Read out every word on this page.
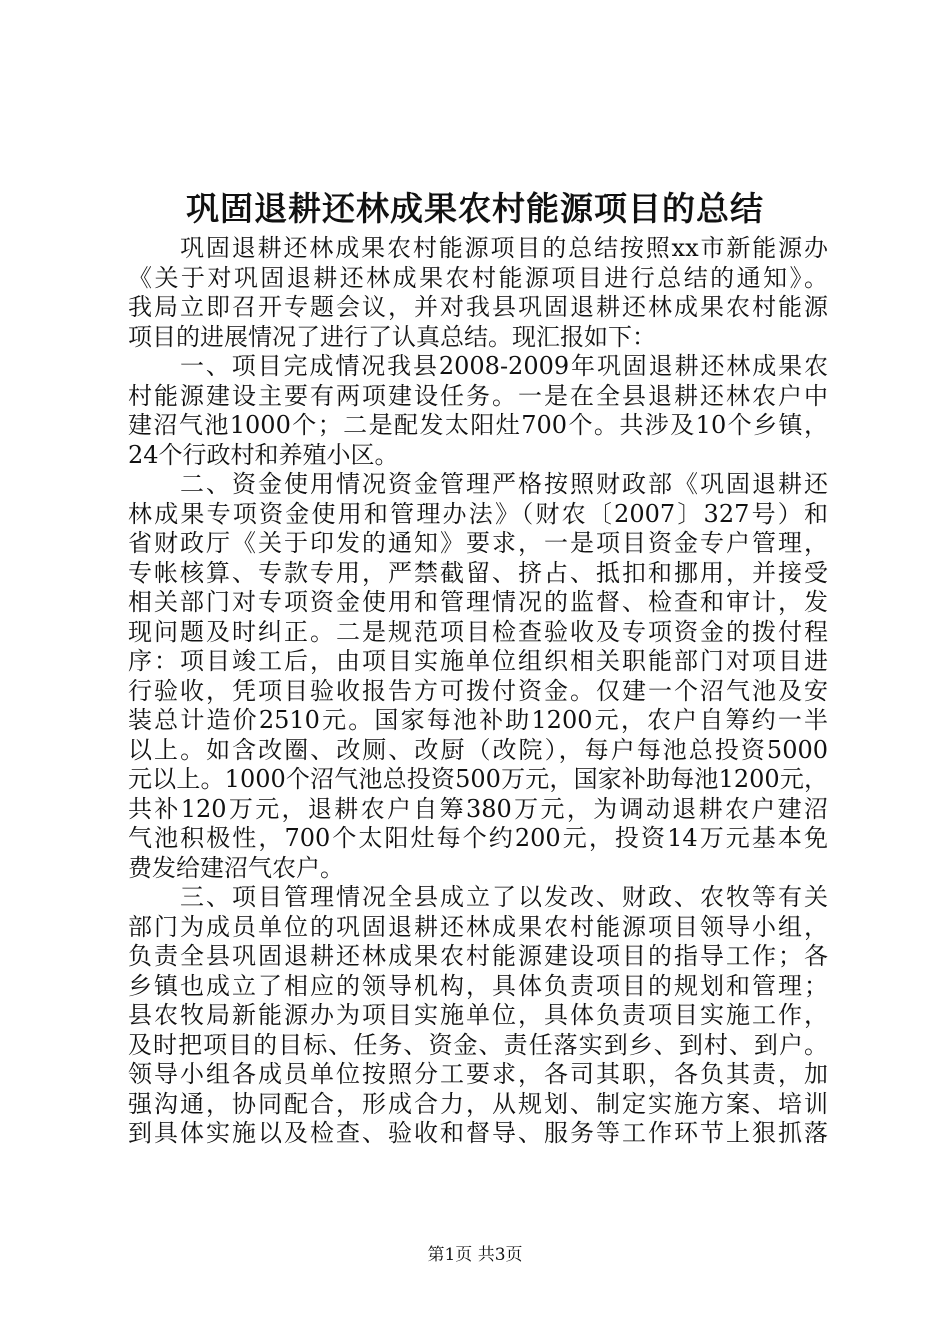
巩固退耕还林成果农村能源项目的总结
巩固退耕还林成果农村能源项目的总结按照xx市新能源办
《关于对巩固退耕还林成果农村能源项目进行总结的通知》。
我局立即召开专题会议，并对我县巩固退耕还林成果农村能源
项目的进展情况了进行了认真总结。现汇报如下：
一、项目完成情况我县2008-2009年巩固退耕还林成果农
村能源建设主要有两项建设任务。一是在全县退耕还林农户中
建沼气池1000个；二是配发太阳灶700个。共涉及10个乡镇，
24个行政村和养殖小区。
二、资金使用情况资金管理严格按照财政部《巩固退耕还
林成果专项资金使用和管理办法》（财农〔2007〕327号）和
省财政厅《关于印发的通知》要求，一是项目资金专户管理，
专帐核算、专款专用，严禁截留、挤占、抵扣和挪用，并接受
相关部门对专项资金使用和管理情况的监督、检查和审计，发
现问题及时纠正。二是规范项目检查验收及专项资金的拨付程
序：项目竣工后，由项目实施单位组织相关职能部门对项目进
行验收，凭项目验收报告方可拨付资金。仅建一个沼气池及安
装总计造价2510元。国家每池补助1200元，农户自筹约一半
以上。如含改圈、改厕、改厨（改院），每户每池总投资5000
元以上。1000个沼气池总投资500万元，国家补助每池1200元，
共补120万元，退耕农户自筹380万元，为调动退耕农户建沼
气池积极性，700个太阳灶每个约200元，投资14万元基本免
费发给建沼气农户。
三、项目管理情况全县成立了以发改、财政、农牧等有关
部门为成员单位的巩固退耕还林成果农村能源项目领导小组，
负责全县巩固退耕还林成果农村能源建设项目的指导工作；各
乡镇也成立了相应的领导机构，具体负责项目的规划和管理；
县农牧局新能源办为项目实施单位，具体负责项目实施工作，
及时把项目的目标、任务、资金、责任落实到乡、到村、到户。
领导小组各成员单位按照分工要求，各司其职，各负其责，加
强沟通，协同配合，形成合力，从规划、制定实施方案、培训
到具体实施以及检查、验收和督导、服务等工作环节上狠抓落
第1页 共3页
